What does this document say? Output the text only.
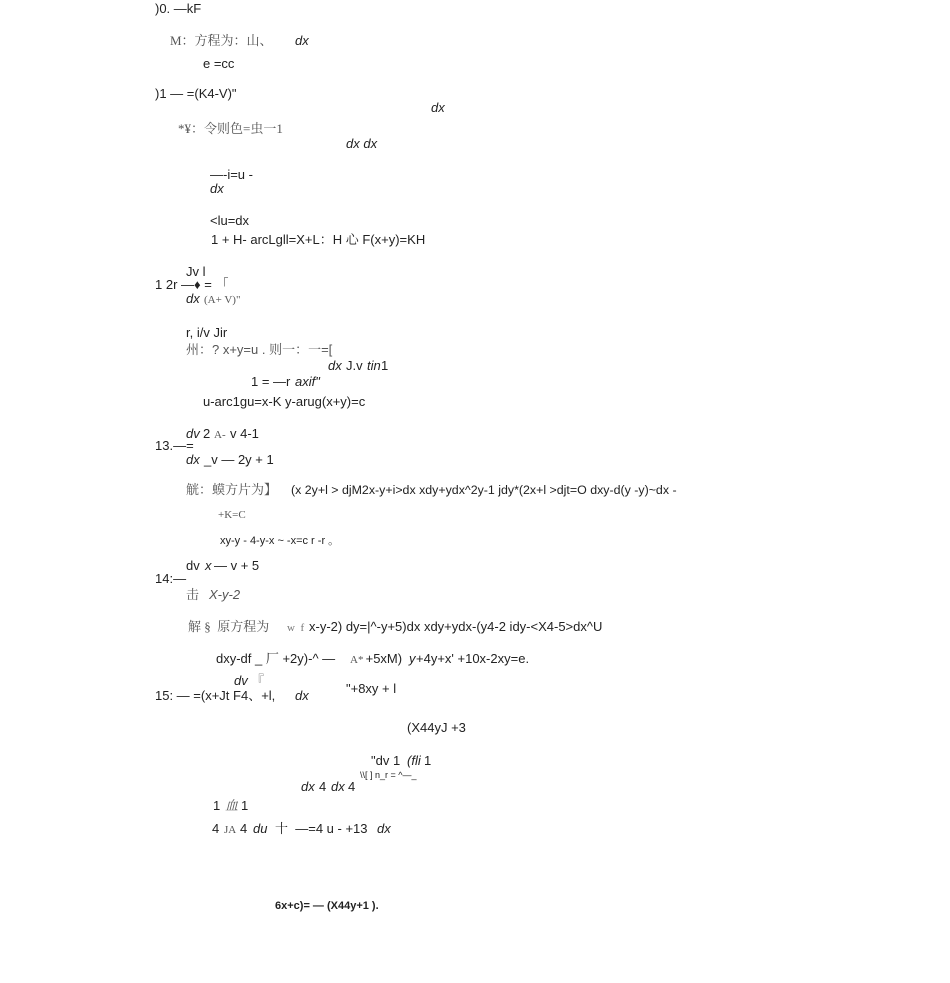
)0. —kF
M：方程为：山、 dx
e =cc
)1 — =(K4-V)"
dx
*¥：令则色=虫一1
dx dx
—-i=u -
dx
<lu=dx
1 + H- arcLgll=X+L：H 心 F(x+y)=KH
Jv l
1 2r —♦ = 「
dx (A+ V)"
r, i/v Jir
州：? x+y=u . 则一：一=[
dx J.v tin 1
1 = —r axif"
u-arc1gu=x-K y-arug(x+y)=c
dv 2 A- v 4-1
13.—=
dx _v — 2y + 1
觥：蟆方片为】 (x 2y+l > djM2x-y+i>dx xdy+ydx^2y-1 jdy*(2x+l >djt=O dxy-d(y -y)~dx -
+K=C
xy-y - 4-y-x ~ -x=c r -r 。
dv x — v + 5
14:—
击 X-y-2
解 §  原方程为 w  f x-y-2) dy=|^-y+5)dx xdy+ydx-(y4-2 idy-<X4-5>dx^U
dxy-df _ 厂 +2y)-^ — A*
+5xM) y +4y+x' +10x-2xy=e.
dv 『
15: — =(x+Jt F4、+l, dx	"+8xy + l
(X44yJ +3
"dv 1 (fli 1
\\[ ] n_r = ^—_
dx 4 dx 4
1 血 1
4 JA 4 du 十  —=4 u - +13 dx
6x+c)= — (X44y+1 ).
